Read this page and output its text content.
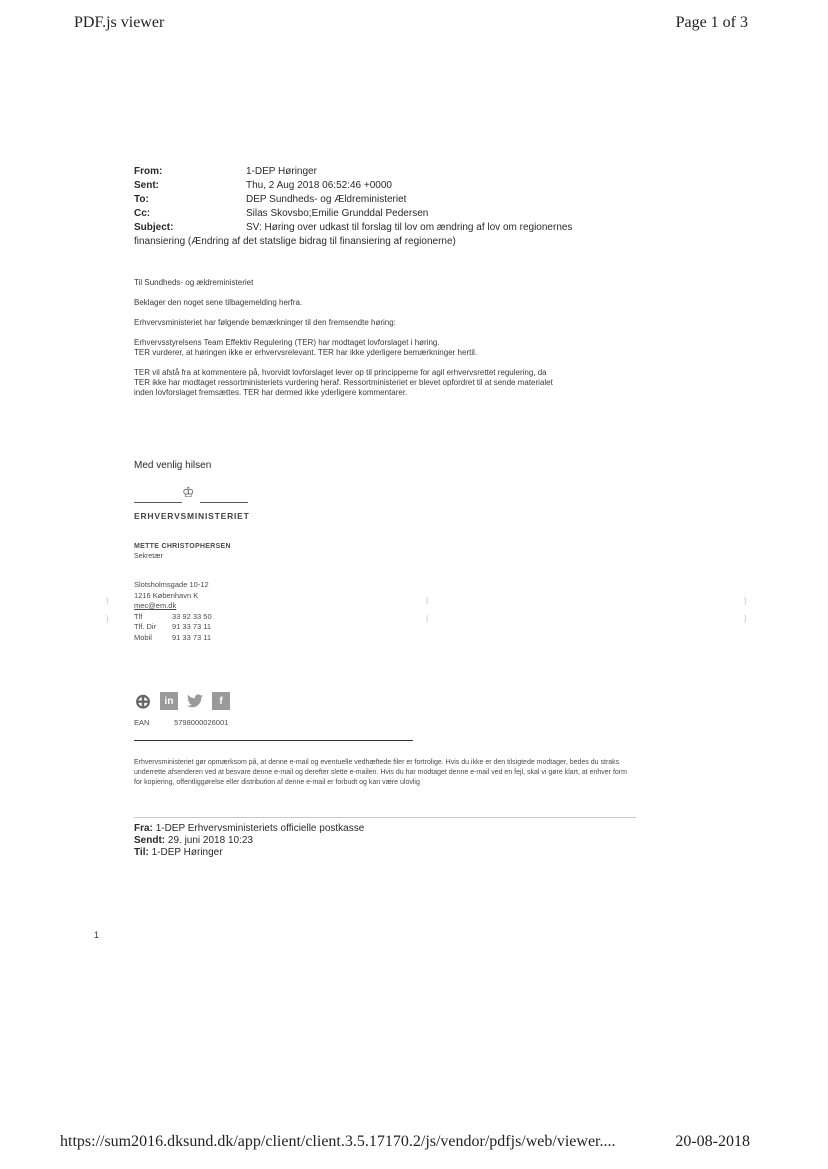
PDF.js viewer	Page 1 of 3
From:	1-DEP Høringer
Sent:	Thu, 2 Aug 2018 06:52:46 +0000
To:	DEP Sundheds- og Ældreministeriet
Cc:	Silas Skovsbo;Emilie Grunddal Pedersen
Subject:	SV: Høring over udkast til forslag til lov om ændring af lov om regionernes
finansiering (Ændring af det statslige bidrag til finansiering af regionerne)

Til Sundheds- og ældreministeriet

Beklager den noget sene tilbagemelding herfra.

Erhvervsministeriet har følgende bemærkninger til den fremsendte høring:

Erhvervsstyrelsens Team Effektiv Regulering (TER) har modtaget lovforslaget i høring.
TER vurderer, at høringen ikke er erhvervsrelevant. TER har ikke yderligere bemærkninger hertil.

TER vil afstå fra at kommentere på, hvorvidt lovforslaget lever op til principperne for agil erhvervsrettet regulering, da
TER ikke har modtaget ressortministeriets vurdering heraf. Ressortministeriet er blevet opfordret til at sende materialet
inden lovforslaget fremsættes. TER har dermed ikke yderligere kommentarer.

Med venlig hilsen
♔
ERHVERVSMINISTERIET
METTE CHRISTOPHERSEN
Sekretær
Slotsholmsgade 10-12
1216 København K
mec@em.dk
Tlf	33 92 33 50
Tlf. Dir	91 33 73 11
Mobil	91 33 73 11
⊕	in	f
EAN	5798000026001
Erhvervsministeriet gør opmærksom på, at denne e-mail og eventuelle vedhæftede filer er fortrolige. Hvis du ikke er den tilsigtede modtager, bedes du straks underrette afsenderen ved at besvare denne e-mail og derefter slette e-mailen. Hvis du har modtaget denne e-mail ved en fejl, skal vi gøre klart, at enhver form for kopiering, offentliggørelse eller distribution af denne e-mail er forbudt og kan være ulovlig
Fra: 1-DEP Erhvervsministeriets officielle postkasse
Sendt: 29. juni 2018 10:23
Til: 1-DEP Høringer
1
)
)
|
|
)
)
https://sum2016.dksund.dk/app/client/client.3.5.17170.2/js/vendor/pdfjs/web/viewer....	20-08-2018
